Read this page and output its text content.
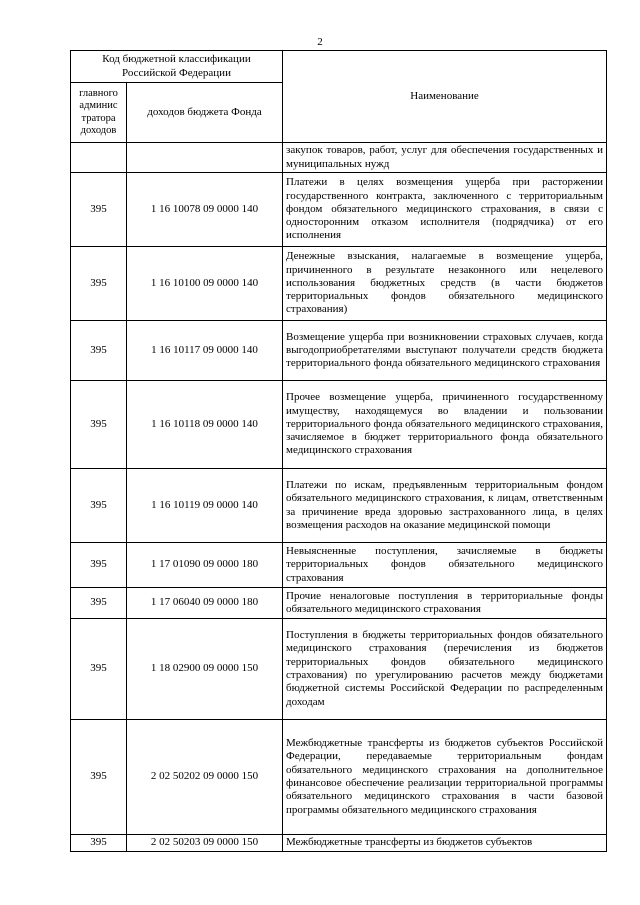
2
Код бюджетной классификации Российской Федерации		Наименование
главного админис тратора доходов	доходов бюджета Фонда	
		закупок товаров, работ, услуг для обеспечения государственных и муниципальных нужд
395	1 16 10078 09 0000 140	Платежи в целях возмещения ущерба при расторжении государственного контракта, заключенного с территориальным фондом обязательного медицинского страхования, в связи с односторонним отказом исполнителя (подрядчика) от его исполнения
395	1 16 10100 09 0000 140	Денежные взыскания, налагаемые в возмещение ущерба, причиненного в результате незаконного или нецелевого использования бюджетных средств (в части бюджетов территориальных фондов обязательного медицинского страхования)
395	1 16 10117 09 0000 140	Возмещение ущерба при возникновении страховых случаев, когда выгодоприобретателями выступают получатели средств бюджета территориального фонда обязательного медицинского страхования
395	1 16 10118 09 0000 140	Прочее возмещение ущерба, причиненного государственному имуществу, находящемуся во владении и пользовании территориального фонда обязательного медицинского страхования, зачисляемое в бюджет территориального фонда обязательного медицинского страхования
395	1 16 10119 09 0000 140	Платежи по искам, предъявленным территориальным фондом обязательного медицинского страхования, к лицам, ответственным за причинение вреда здоровью застрахованного лица, в целях возмещения расходов на оказание медицинской помощи
395	1 17 01090 09 0000 180	Невыясненные поступления, зачисляемые в бюджеты территориальных фондов обязательного медицинского страхования
395	1 17 06040 09 0000 180	Прочие неналоговые поступления в территориальные фонды обязательного медицинского страхования
395	1 18 02900 09 0000 150	Поступления в бюджеты территориальных фондов обязательного медицинского страхования (перечисления из бюджетов территориальных фондов обязательного медицинского страхования) по урегулированию расчетов между бюджетами бюджетной системы Российской Федерации по распределенным доходам
395	2 02 50202 09 0000 150	Межбюджетные трансферты из бюджетов субъектов Российской Федерации, передаваемые территориальным фондам обязательного медицинского страхования на дополнительное финансовое обеспечение реализации территориальной программы обязательного медицинского страхования в части базовой программы обязательного медицинского страхования
395	2 02 50203 09 0000 150	Межбюджетные трансферты из бюджетов субъектов
